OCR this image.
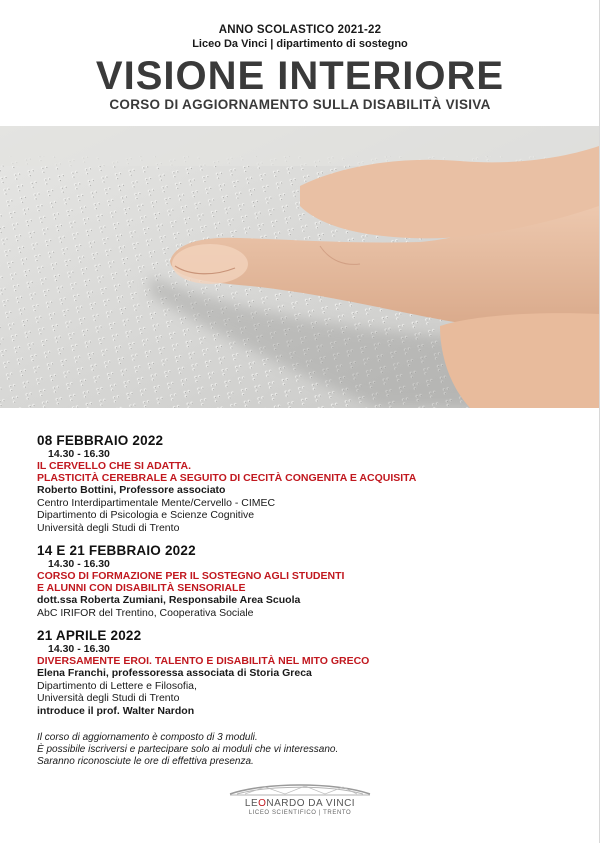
ANNO SCOLASTICO 2021-22
Liceo Da Vinci | dipartimento di sostegno
VISIONE INTERIORE
CORSO DI AGGIORNAMENTO SULLA DISABILITÀ VISIVA
08 FEBBRAIO 2022
14.30 - 16.30
IL CERVELLO CHE SI ADATTA.
PLASTICITÀ CEREBRALE A SEGUITO DI CECITÀ CONGENITA E ACQUISITA
Roberto Bottini, Professore associato
Centro Interdipartimentale Mente/Cervello - CIMEC
Dipartimento di Psicologia e Scienze Cognitive
Università degli Studi di Trento
14 E 21 FEBBRAIO 2022
14.30 - 16.30
CORSO DI FORMAZIONE PER IL SOSTEGNO AGLI STUDENTI
E ALUNNI CON DISABILITÀ SENSORIALE
dott.ssa Roberta Zumiani, Responsabile Area Scuola
AbC IRIFOR del Trentino, Cooperativa Sociale
21 APRILE 2022
14.30 - 16.30
DIVERSAMENTE EROI. TALENTO E DISABILITÀ NEL MITO GRECO
Elena Franchi, professoressa associata di Storia Greca
Dipartimento di Lettere e Filosofia,
Università degli Studi di Trento
introduce il prof. Walter Nardon
Il corso di aggiornamento è composto di 3 moduli.
È possibile iscriversi e partecipare solo ai moduli che vi interessano.
Saranno riconosciute le ore di effettiva presenza.
LEONARDO DA VINCI
LICEO SCIENTIFICO | TRENTO
